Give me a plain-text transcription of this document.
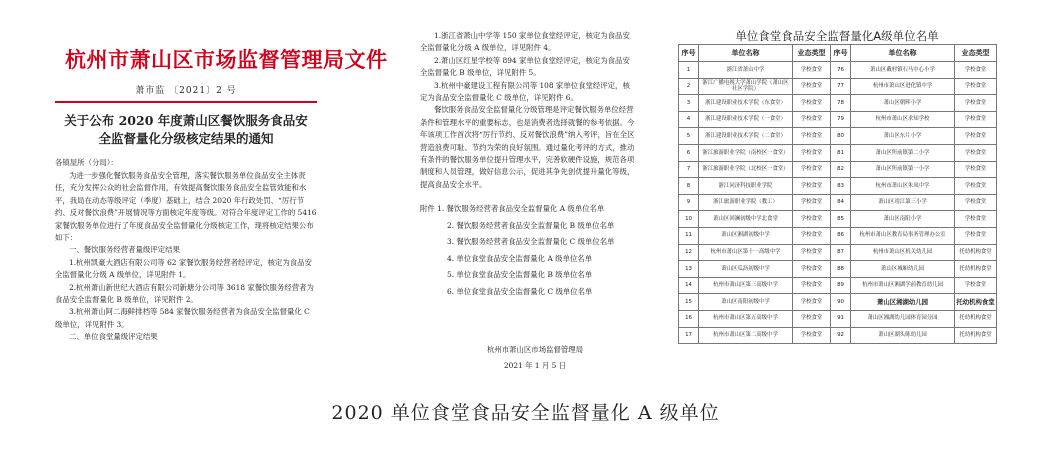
杭州市萧山区市场监督管理局文件
萧市监 〔2021〕2 号
关于公布 2020 年度萧山区餐饮服务食品安
全监督量化分级核定结果的通知
各镇屋所（分局）：

为进一步强化餐饮服务食品安全管理，落实餐饮服务单位食品安全主体责任，充分发挥公众的社会监督作用，有效提高餐饮服务食品安全监管效能和水平，我局在动态等级评定（季度）基础上，结合 2020 年行政处罚、“厉行节约、反对餐饮浪费”开展情况等方面核定年度等级。对符合年度评定工作的 5416 家餐饮服务单位进行了年度食品安全监督量化分级核定工作，现将核定结果公布如下：

一、餐饮服务经营者量级评定结果

1.杭州凯豪大酒店有限公司等 62 家餐饮服务经营者经评定，核定为食品安全监督量化分级 A 级单位，详见附件 1。

2.杭州萧山新世纪大酒店有限公司新塘分公司等 3618 家餐饮服务经营者为食品安全监督量化 B 级单位，详见附件 2。

3.杭州萧山阿二海鲜排档等 584 家餐饮服务经营者为食品安全监督量化 C 级单位，详见附件 3。

二、单位食堂量级评定结果

1.浙江省萧山中学等 150 家单位食堂经评定，核定为食品安全监督量化分级 A 级单位，详见附件 4。

2.萧山区红星学校等 894 家单位食堂经评定，核定为食品安全监督量化 B 级单位，详见附件 5。

3.杭州中豪建设工程有限公司等 108 家单位食堂经评定，核定为食品安全监督量化 C 级单位，详见附件 6。

餐饮服务食品安全监督量化分级管理是评定餐饮服务单位经营条件和管理水平的重要标志，也是消费者选择就餐的参考依据。今年该项工作首次将“厉行节约、反对餐饮浪费”纳入考评，旨在全区营造浪费可耻、节约为荣的良好氛围。通过量化考评的方式，推动有条件的餐饮服务单位提升管理水平，完善软硬件设施，规范各项制度和人员管理，做好信息公示，促进其争先创优提升量化等级，提高食品安全水平。

附件 1. 餐饮服务经营者食品安全监督量化 A 级单位名单
2. 餐饮服务经营者食品安全监督量化 B 级单位名单
3. 餐饮服务经营者食品安全监督量化 C 级单位名单
4. 单位食堂食品安全监督量化 A 级单位名单
5. 单位食堂食品安全监督量化 B 级单位名单
6. 单位食堂食品安全监督量化 C 级单位名单
杭州市萧山区市场监督管理局
2021 年 1 月 5 日
单位食堂食品安全监督量化A级单位名单
序号	单位名称	业态类型	序号	单位名称	业态类型
1	浙江省萧山中学	学校食堂	76	萧山区戴村镇石马中心小学	学校食堂
2	浙江广播电视大学萧山学院（萧山区社区学院）	学校食堂	77	杭州市萧山区进化镇中学	学校食堂
3	浙江建设职业技术学院（东食堂）	学校食堂	78	萧山区朝晖小学	学校食堂
4	浙江建设职业技术学院（一食堂）	学校食堂	79	杭州市萧山区求知学校	学校食堂
5	浙江建设职业技术学院（二食堂）	学校食堂	80	萧山区东片小学	学校食堂
6	浙江旅游职业学院（南校区一食堂）	学校食堂	81	萧山区所前镇第二小学	学校食堂
7	浙江旅游职业学院（北校区一食堂）	学校食堂	82	萧山区所前镇第一小学	学校食堂
8	浙江同济科技职业学院	学校食堂	83	杭州市萧山区朱凤中学	学校食堂
9	浙江旅游职业学院（教工）	学校食堂	84	萧山区靖江第三小学	学校食堂
10	萧山区回澜初级中学北食堂	学校食堂	85	萧山区南阳小学	学校食堂
11	萧山区湘湖初级中学	学校食堂	86	杭州市萧山区教育局事务管理办公室	学校食堂
12	杭州市萧山区第十一高级中学	学校食堂	87	杭州市萧山区机关幼儿园	托幼机构食堂
13	萧山区瓜沥初级中学	学校食堂	88	萧山区城厢幼儿园	托幼机构食堂
14	杭州市萧山区第三高级中学	学校食堂	89	杭州市萧山区湘湖学前教育幼儿园	学校食堂
15	萧山区南阳初级中学	学校食堂	90	萧山区湘湖幼儿园	托幼机构食堂
16	杭州市萧山区第五高级中学	学校食堂	91	萧山区湘湖幼儿园体育园分园	托幼机构食堂
17	杭州市萧山区第二高级中学	学校食堂	92	萧山区湖头陈幼儿园	托幼机构食堂
2020 单位食堂食品安全监督量化 A 级单位
